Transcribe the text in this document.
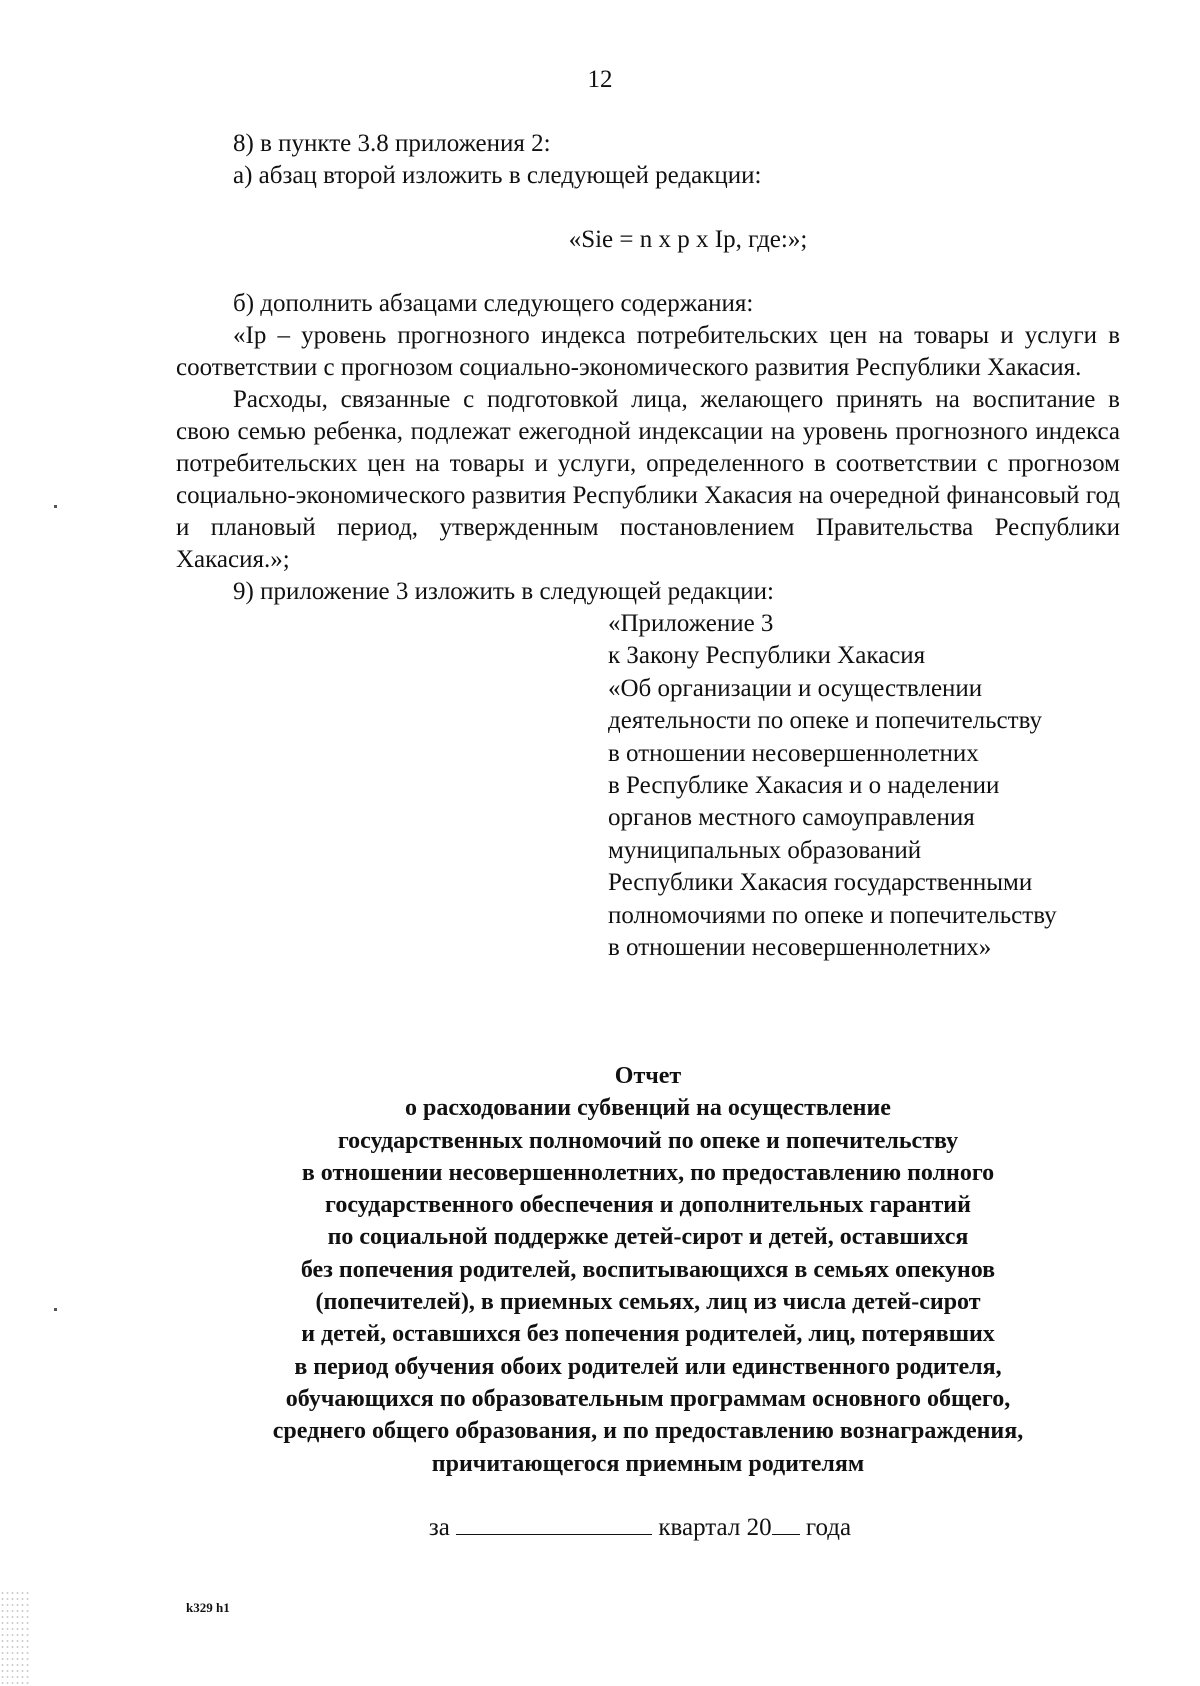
12

8) в пункте 3.8 приложения 2:

а) абзац второй изложить в следующей редакции:

«Sie = n x p x Ip, где:»;

б) дополнить абзацами следующего содержания:

«Ip – уровень прогнозного индекса потребительских цен на товары и услуги в соответствии с прогнозом социально-экономического развития Республики Хакасия.

Расходы, связанные с подготовкой лица, желающего принять на воспитание в свою семью ребенка, подлежат ежегодной индексации на уровень прогнозного индекса потребительских цен на товары и услуги, определенного в соответствии с прогнозом социально-экономического развития Республики Хакасия на очередной финансовый год и плановый период, утвержденным постановлением Правительства Республики Хакасия.»;

9) приложение 3 изложить в следующей редакции:

«Приложение 3
к Закону Республики Хакасия
«Об организации и осуществлении
деятельности по опеке и попечительству
в отношении несовершеннолетних
в Республике Хакасия и о наделении
органов местного самоуправления
муниципальных образований
Республики Хакасия государственными
полномочиями по опеке и попечительству
в отношении несовершеннолетних»
Отчет
о расходовании субвенций на осуществление
государственных полномочий по опеке и попечительству
в отношении несовершеннолетних, по предоставлению полного
государственного обеспечения и дополнительных гарантий
по социальной поддержке детей-сирот и детей, оставшихся
без попечения родителей, воспитывающихся в семьях опекунов
(попечителей), в приемных семьях, лиц из числа детей-сирот
и детей, оставшихся без попечения родителей, лиц, потерявших
в период обучения обоих родителей или единственного родителя,
обучающихся по образовательным программам основного общего,
среднего общего образования, и по предоставлению вознаграждения,
причитающегося приемным родителям
за	квартал 20 года
k329 h1
